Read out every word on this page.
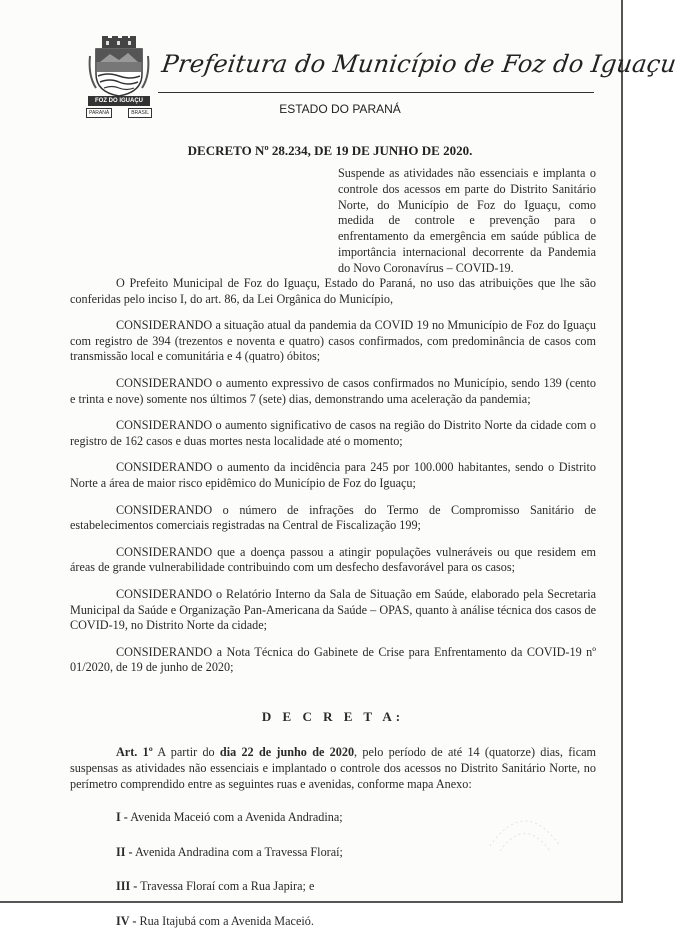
FOZ DO IGUAÇU
PARANÁ	BRASIL
Prefeitura do Município de Foz do Iguaçu
ESTADO DO PARANÁ
DECRETO Nº 28.234, DE 19 DE JUNHO DE 2020.
Suspende as atividades não essenciais e implanta o controle dos acessos em parte do Distrito Sanitário Norte, do Município de Foz do Iguaçu, como medida de controle e prevenção para o enfrentamento da emergência em saúde pública de importância internacional decorrente da Pandemia do Novo Coronavírus – COVID-19.

O Prefeito Municipal de Foz do Iguaçu, Estado do Paraná, no uso das atribuições que lhe são conferidas pelo inciso I, do art. 86, da Lei Orgânica do Município,

CONSIDERANDO a situação atual da pandemia da COVID 19 no Mmunicípio de Foz do Iguaçu com registro de 394 (trezentos e noventa e quatro) casos confirmados, com predominância de casos com transmissão local e comunitária e 4 (quatro) óbitos;

CONSIDERANDO o aumento expressivo de casos confirmados no Município, sendo 139 (cento e trinta e nove) somente nos últimos 7 (sete) dias, demonstrando uma aceleração da pandemia;

CONSIDERANDO o aumento significativo de casos na região do Distrito Norte da cidade com o registro de 162 casos e duas mortes nesta localidade até o momento;

CONSIDERANDO o aumento da incidência para 245 por 100.000 habitantes, sendo o Distrito Norte a área de maior risco epidêmico do Município de Foz do Iguaçu;

CONSIDERANDO o número de infrações do Termo de Compromisso Sanitário de estabelecimentos comerciais registradas na Central de Fiscalização 199;

CONSIDERANDO que a doença passou a atingir populações vulneráveis ou que residem em áreas de grande vulnerabilidade contribuindo com um desfecho desfavorável para os casos;

CONSIDERANDO o Relatório Interno da Sala de Situação em Saúde, elaborado pela Secretaria Municipal da Saúde e Organização Pan-Americana da Saúde – OPAS, quanto à análise técnica dos casos de COVID-19, no Distrito Norte da cidade;

CONSIDERANDO a Nota Técnica do Gabinete de Crise para Enfrentamento da COVID-19 nº 01/2020, de 19 de junho de 2020;

D E C R E T A:

Art. 1º A partir do dia 22 de junho de 2020, pelo período de até 14 (quatorze) dias, ficam suspensas as atividades não essenciais e implantado o controle dos acessos no Distrito Sanitário Norte, no perímetro comprendido entre as seguintes ruas e avenidas, conforme mapa Anexo:

I - Avenida Maceió com a Avenida Andradina;
II - Avenida Andradina com a Travessa Floraí;
III - Travessa Floraí com a Rua Japira; e
IV - Rua Itajubá com a Avenida Maceió.
